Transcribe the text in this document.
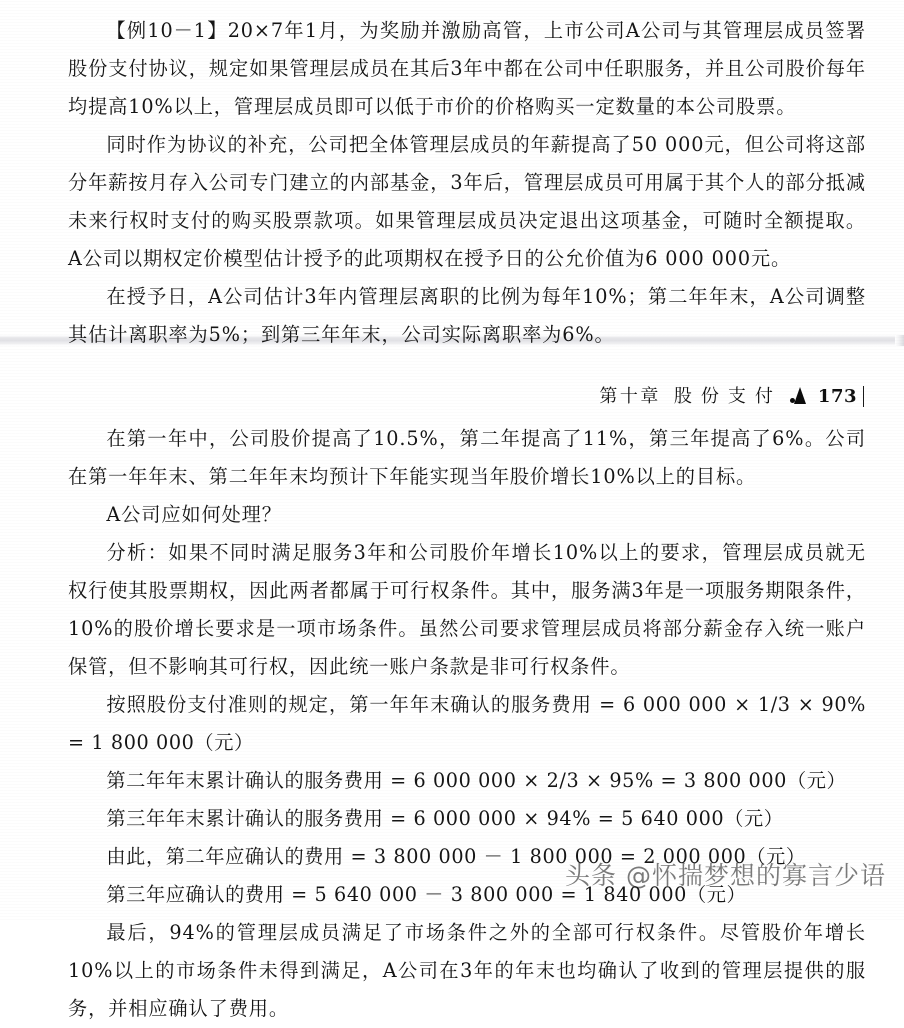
【例10－1】20×7年1月，为奖励并激励高管，上市公司A公司与其管理层成员签署股份支付协议，规定如果管理层成员在其后3年中都在公司中任职服务，并且公司股价每年均提高10%以上，管理层成员即可以低于市价的价格购买一定数量的本公司股票。

同时作为协议的补充，公司把全体管理层成员的年薪提高了50 000元，但公司将这部分年薪按月存入公司专门建立的内部基金，3年后，管理层成员可用属于其个人的部分抵减未来行权时支付的购买股票款项。如果管理层成员决定退出这项基金，可随时全额提取。A公司以期权定价模型估计授予的此项期权在授予日的公允价值为6 000 000元。

在授予日，A公司估计3年内管理层离职的比例为每年10%；第二年年末，A公司调整其估计离职率为5%；到第三年年末，公司实际离职率为6%。

第十章 股份支付 173

在第一年中，公司股价提高了10.5%，第二年提高了11%，第三年提高了6%。公司在第一年年末、第二年年末均预计下年能实现当年股价增长10%以上的目标。

A公司应如何处理？

分析：如果不同时满足服务3年和公司股价年增长10%以上的要求，管理层成员就无权行使其股票期权，因此两者都属于可行权条件。其中，服务满3年是一项服务期限条件，10%的股价增长要求是一项市场条件。虽然公司要求管理层成员将部分薪金存入统一账户保管，但不影响其可行权，因此统一账户条款是非可行权条件。

按照股份支付准则的规定，第一年年末确认的服务费用 = 6 000 000 × 1/3 × 90% = 1 800 000（元）

第二年年末累计确认的服务费用 = 6 000 000 × 2/3 × 95% = 3 800 000（元）

第三年年末累计确认的服务费用 = 6 000 000 × 94% = 5 640 000（元）

由此，第二年应确认的费用 = 3 800 000 － 1 800 000 = 2 000 000（元）

第三年应确认的费用 = 5 640 000 － 3 800 000 = 1 840 000（元）

最后，94%的管理层成员满足了市场条件之外的全部可行权条件。尽管股价年增长10%以上的市场条件未得到满足，A公司在3年的年末也均确认了收到的管理层提供的服务，并相应确认了费用。

头条 @怀揣梦想的寡言少语
